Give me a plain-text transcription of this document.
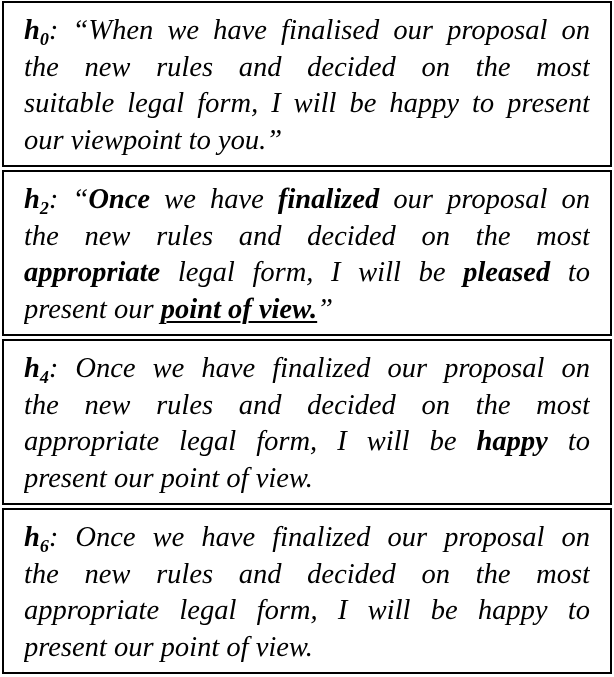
$h_0$: “When we have finalised our proposal on
the new rules and decided on the most
suitable legal form, I will be happy to present
our viewpoint to you.”
$h_2$: “Once we have finalized our proposal on
the new rules and decided on the most
appropriate legal form, I will be pleased to
present our point of view.”
$h_4$: Once we have finalized our proposal on
the new rules and decided on the most
appropriate legal form, I will be happy to
present our point of view.
$h_6$: Once we have finalized our proposal on
the new rules and decided on the most
appropriate legal form, I will be happy to
present our point of view.
